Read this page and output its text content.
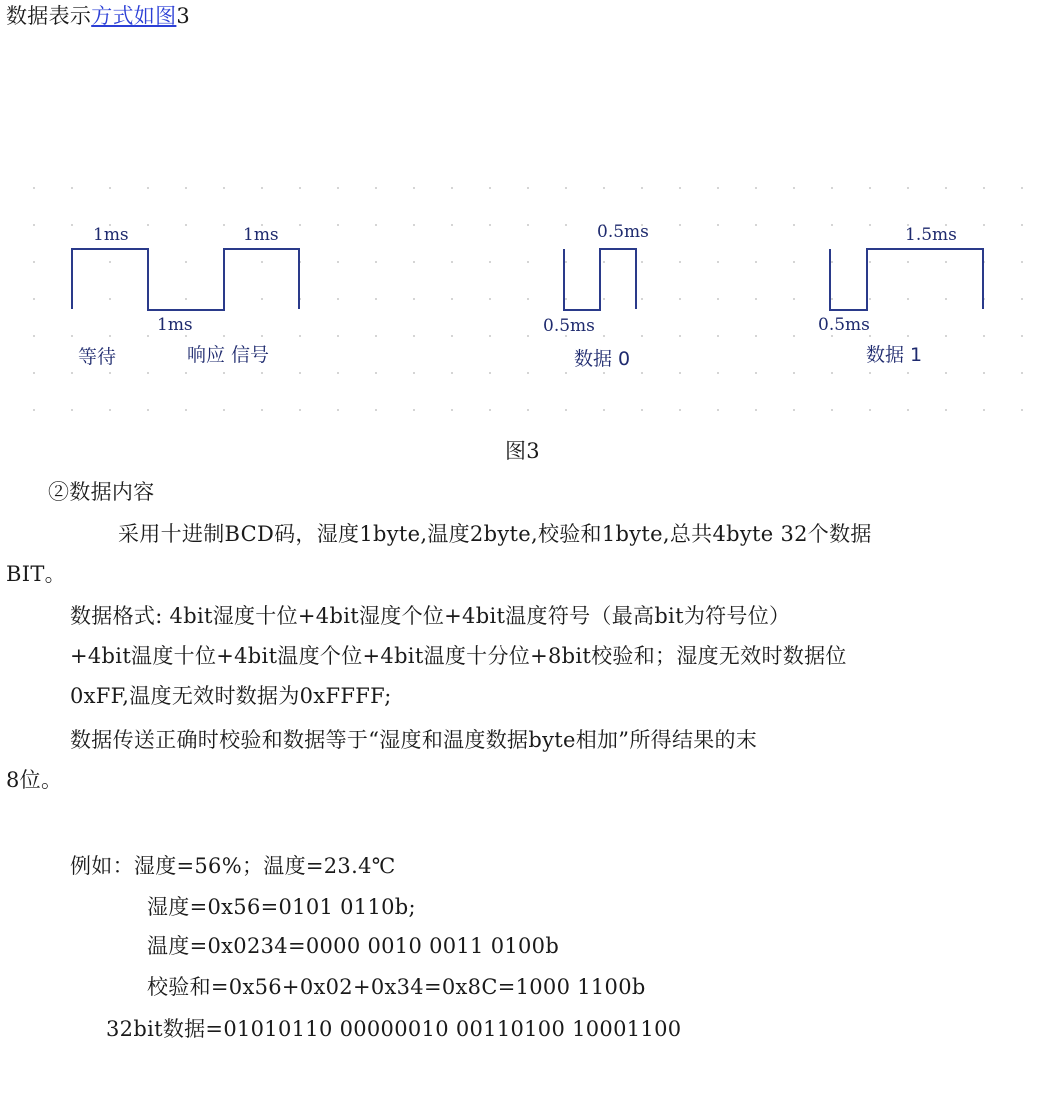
数据表示方式如图3
1ms	1ms
1ms
等待	响应 信号
0.5ms
0.5ms
数据 0
1.5ms
0.5ms
数据 1
图3
②数据内容
采用十进制BCD码，湿度1byte,温度2byte,校验和1byte,总共4byte 32个数据
BIT。
数据格式: 4bit湿度十位+4bit湿度个位+4bit温度符号（最高bit为符号位）
+4bit温度十位+4bit温度个位+4bit温度十分位+8bit校验和；湿度无效时数据位
0xFF,温度无效时数据为0xFFFF;
数据传送正确时校验和数据等于“湿度和温度数据byte相加”所得结果的末
8位。
例如：湿度=56%；温度=23.4℃
湿度=0x56=0101 0110b;
温度=0x0234=0000 0010 0011 0100b
校验和=0x56+0x02+0x34=0x8C=1000 1100b
32bit数据=01010110 00000010 00110100 10001100
